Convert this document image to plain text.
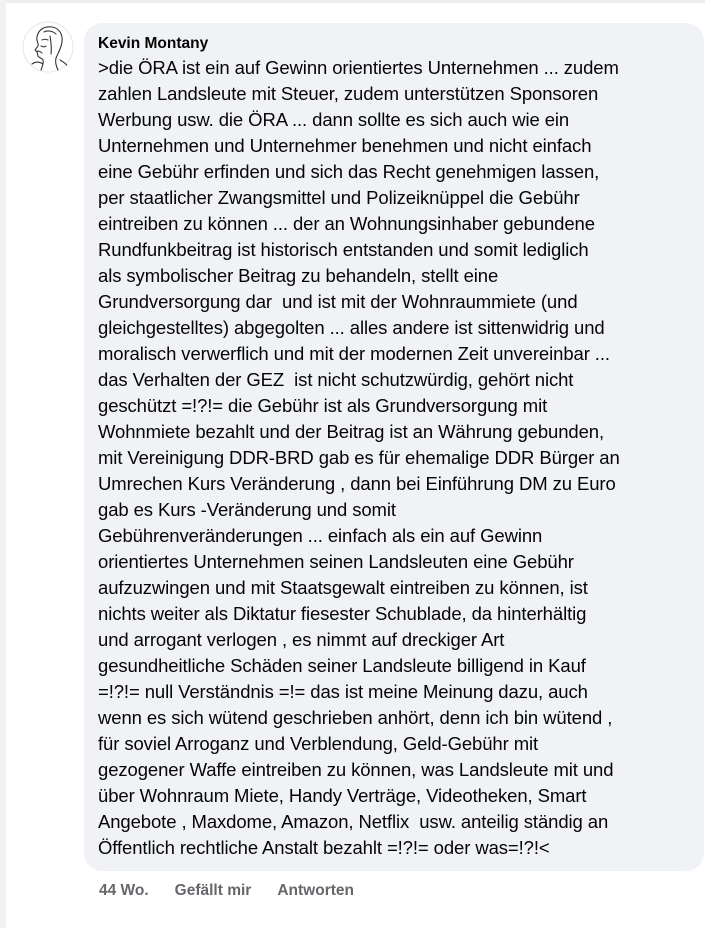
Kevin Montany
>die ÖRA ist ein auf Gewinn orientiertes Unternehmen ... zudem
zahlen Landsleute mit Steuer, zudem unterstützen Sponsoren
Werbung usw. die ÖRA ... dann sollte es sich auch wie ein
Unternehmen und Unternehmer benehmen und nicht einfach
eine Gebühr erfinden und sich das Recht genehmigen lassen,
per staatlicher Zwangsmittel und Polizeiknüppel die Gebühr
eintreiben zu können ... der an Wohnungsinhaber gebundene
Rundfunkbeitrag ist historisch entstanden und somit lediglich
als symbolischer Beitrag zu behandeln, stellt eine
Grundversorgung dar  und ist mit der Wohnraummiete (und
gleichgestelltes) abgegolten ... alles andere ist sittenwidrig und
moralisch verwerflich und mit der modernen Zeit unvereinbar ...
das Verhalten der GEZ  ist nicht schutzwürdig, gehört nicht
geschützt =!?!= die Gebühr ist als Grundversorgung mit
Wohnmiete bezahlt und der Beitrag ist an Währung gebunden,
mit Vereinigung DDR-BRD gab es für ehemalige DDR Bürger an
Umrechen Kurs Veränderung , dann bei Einführung DM zu Euro
gab es Kurs -Veränderung und somit
Gebührenveränderungen ... einfach als ein auf Gewinn
orientiertes Unternehmen seinen Landsleuten eine Gebühr
aufzuzwingen und mit Staatsgewalt eintreiben zu können, ist
nichts weiter als Diktatur fiesester Schublade, da hinterhältig
und arrogant verlogen , es nimmt auf dreckiger Art
gesundheitliche Schäden seiner Landsleute billigend in Kauf
=!?!= null Verständnis =!= das ist meine Meinung dazu, auch
wenn es sich wütend geschrieben anhört, denn ich bin wütend ,
für soviel Arroganz und Verblendung, Geld-Gebühr mit
gezogener Waffe eintreiben zu können, was Landsleute mit und
über Wohnraum Miete, Handy Verträge, Videotheken, Smart
Angebote , Maxdome, Amazon, Netflix  usw. anteilig ständig an
Öffentlich rechtliche Anstalt bezahlt =!?!= oder was=!?!<
44 Wo. Gefällt mir Antworten
